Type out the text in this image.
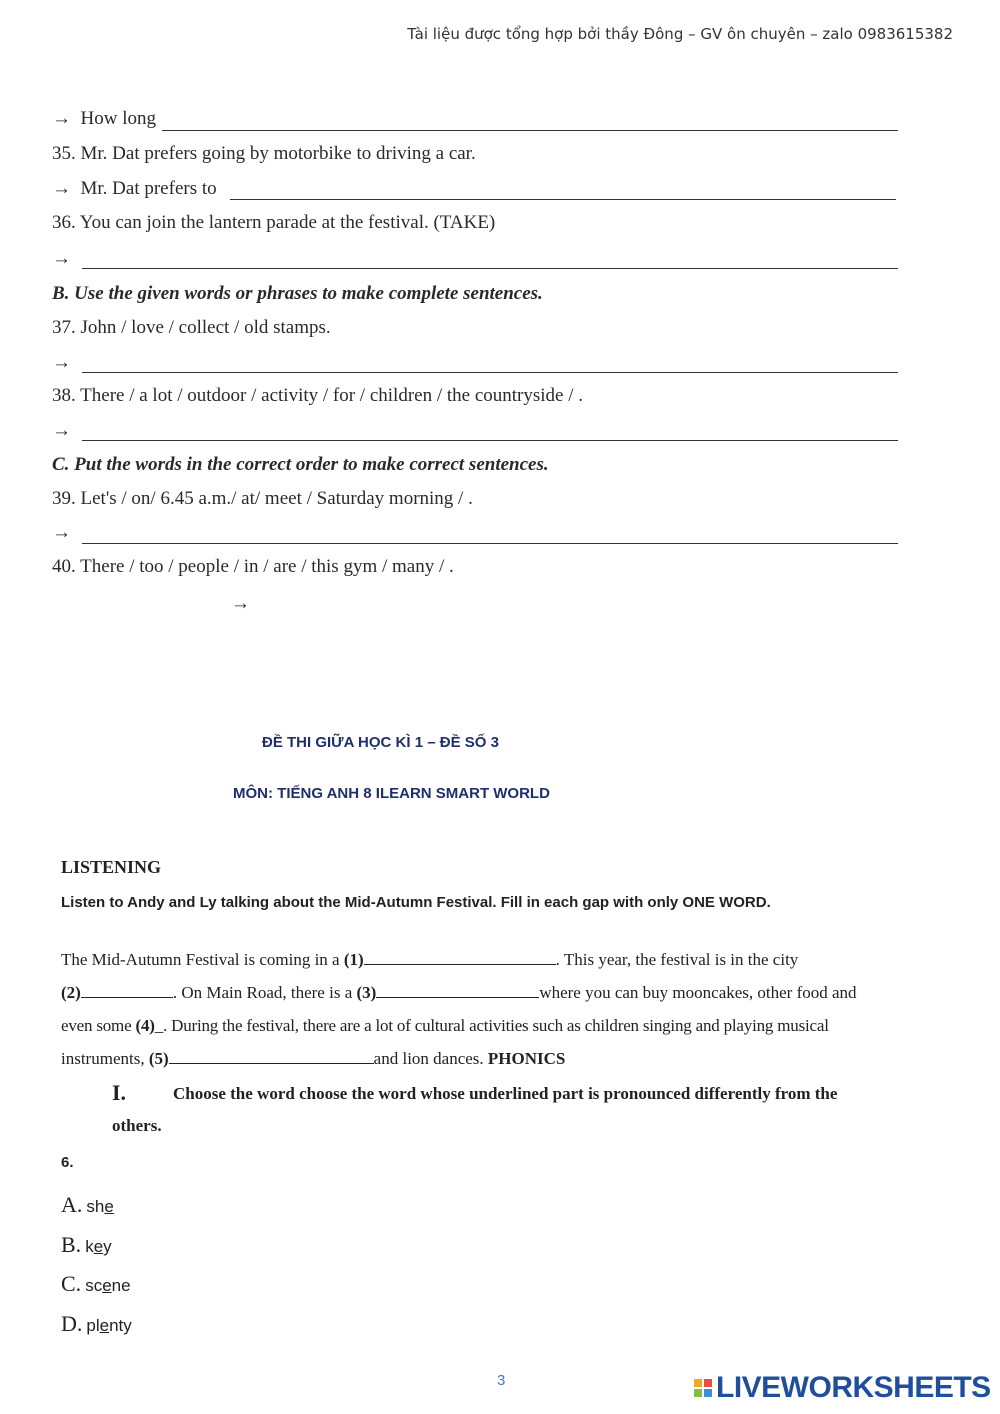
Tài liệu được tổng hợp bởi thầy Đông – GV ôn chuyên – zalo 0983615382
→ How long
35. Mr. Dat prefers going by motorbike to driving a car.
→ Mr. Dat prefers to
36. You can join the lantern parade at the festival. (TAKE)
→
B. Use the given words or phrases to make complete sentences.
37. John / love / collect / old stamps.
→
38. There / a lot / outdoor / activity / for / children / the countryside / .
→
C. Put the words in the correct order to make correct sentences.
39. Let's / on/ 6.45 a.m./ at/ meet / Saturday morning / .
→
40. There / too / people / in / are / this gym / many / .
→
ĐỀ THI GIỮA HỌC KÌ 1 – ĐỀ SỐ 3
MÔN: TIẾNG ANH 8 ILEARN SMART WORLD
LISTENING
Listen to Andy and Ly talking about the Mid-Autumn Festival. Fill in each gap with only ONE WORD.
The Mid-Autumn Festival is coming in a (1)	. This year, the festival is in the city
(2)	. On Main Road, there is a (3)	where you can buy mooncakes, other food and
even some (4)_. During the festival, there are a lot of cultural activities such as children singing and playing musical
instruments, (5)	and lion dances. PHONICS
I.	Choose the word choose the word whose underlined part is pronounced differently from the
others.
6.
A. she
B. key
C. scene
D. plenty
3	LIVEWORKSHEETS
